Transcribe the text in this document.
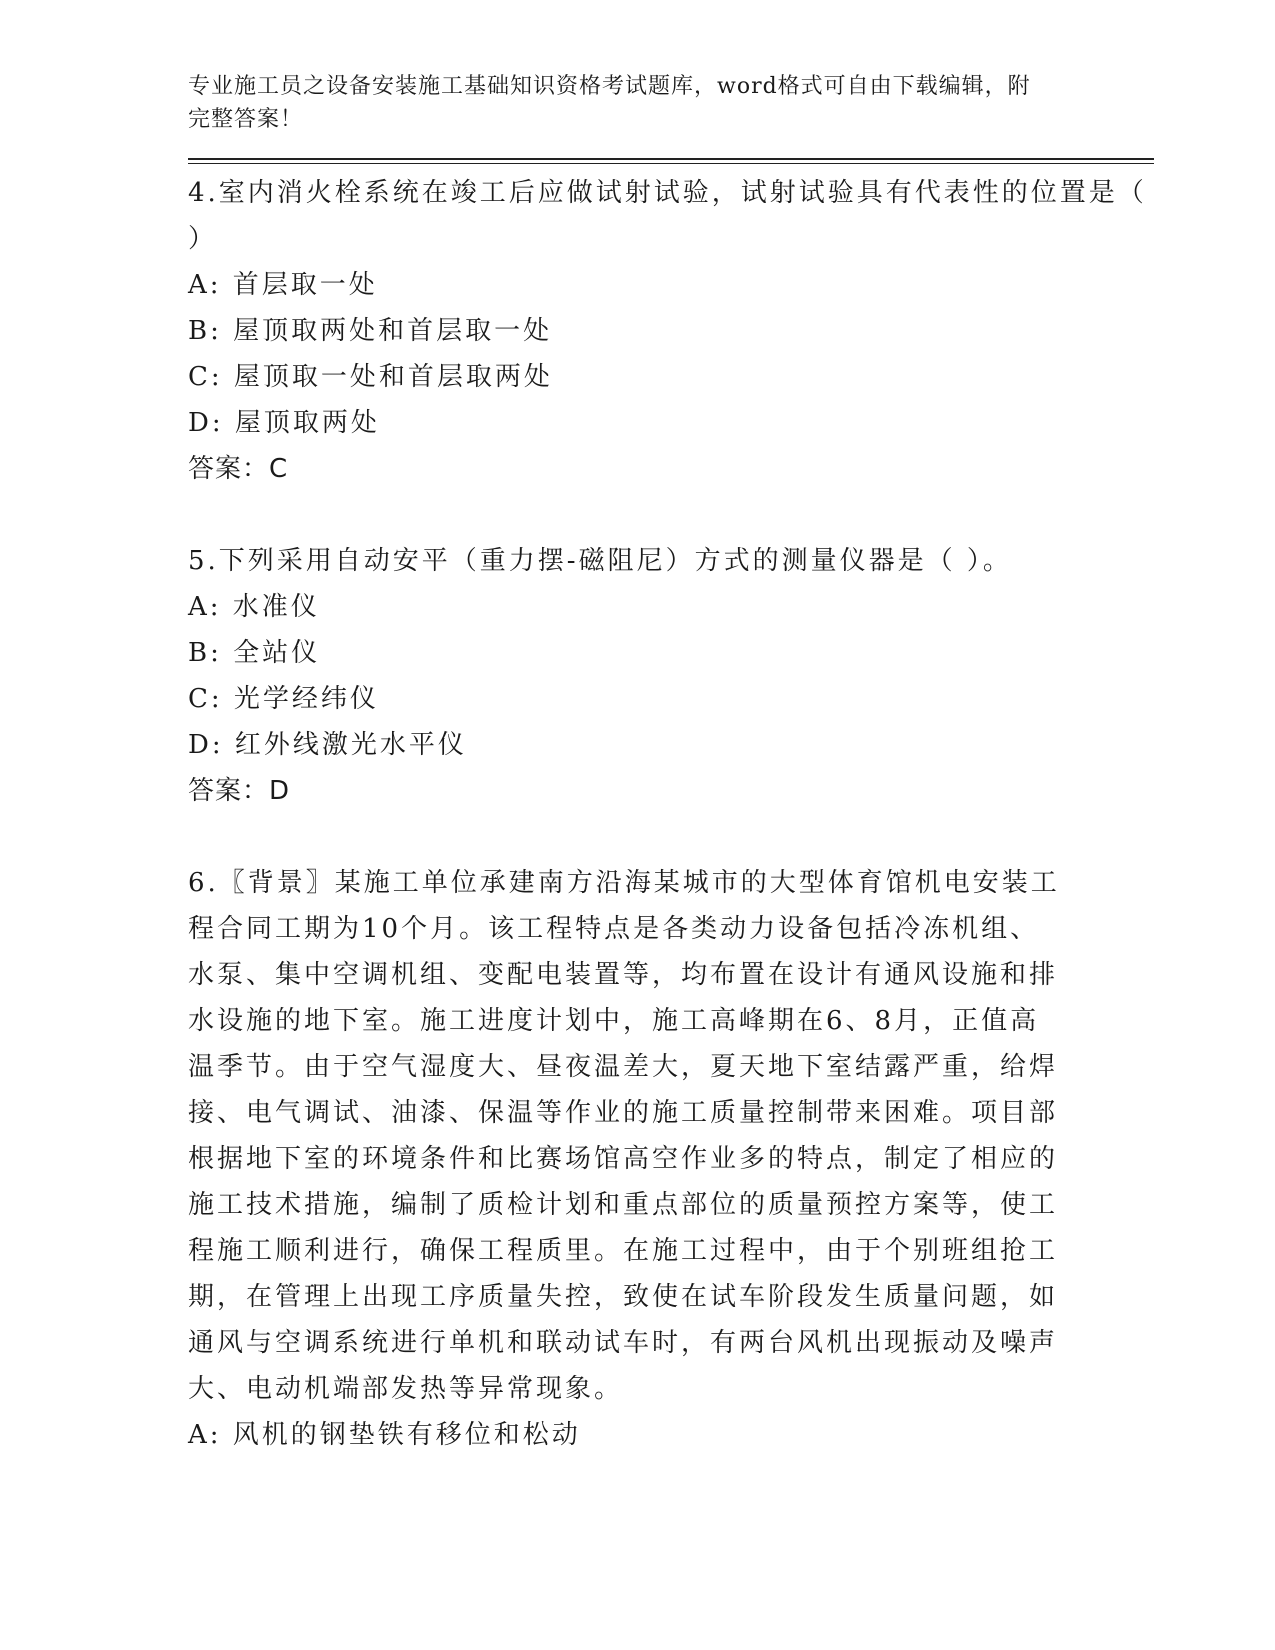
专业施工员之设备安装施工基础知识资格考试题库，word格式可自由下载编辑，附完整答案！
4.室内消火栓系统在竣工后应做试射试验，试射试验具有代表性的位置是（ ）
A: 首层取一处
B: 屋顶取两处和首层取一处
C: 屋顶取一处和首层取两处
D: 屋顶取两处
答案：C
5.下列采用自动安平（重力摆-磁阻尼）方式的测量仪器是（ ）。
A: 水准仪
B: 全站仪
C: 光学经纬仪
D: 红外线激光水平仪
答案：D
6.〖背景〗某施工单位承建南方沿海某城市的大型体育馆机电安装工程合同工期为10个月。该工程特点是各类动力设备包括冷冻机组、水泵、集中空调机组、变配电装置等，均布置在设计有通风设施和排水设施的地下室。施工进度计划中，施工高峰期在6、8月，正值高温季节。由于空气湿度大、昼夜温差大，夏天地下室结露严重，给焊接、电气调试、油漆、保温等作业的施工质量控制带来困难。项目部根据地下室的环境条件和比赛场馆高空作业多的特点，制定了相应的施工技术措施，编制了质检计划和重点部位的质量预控方案等，使工程施工顺利进行，确保工程质里。在施工过程中，由于个别班组抢工期，在管理上出现工序质量失控，致使在试车阶段发生质量问题，如通风与空调系统进行单机和联动试车时，有两台风机出现振动及噪声大、电动机端部发热等异常现象。
A: 风机的钢垫铁有移位和松动
